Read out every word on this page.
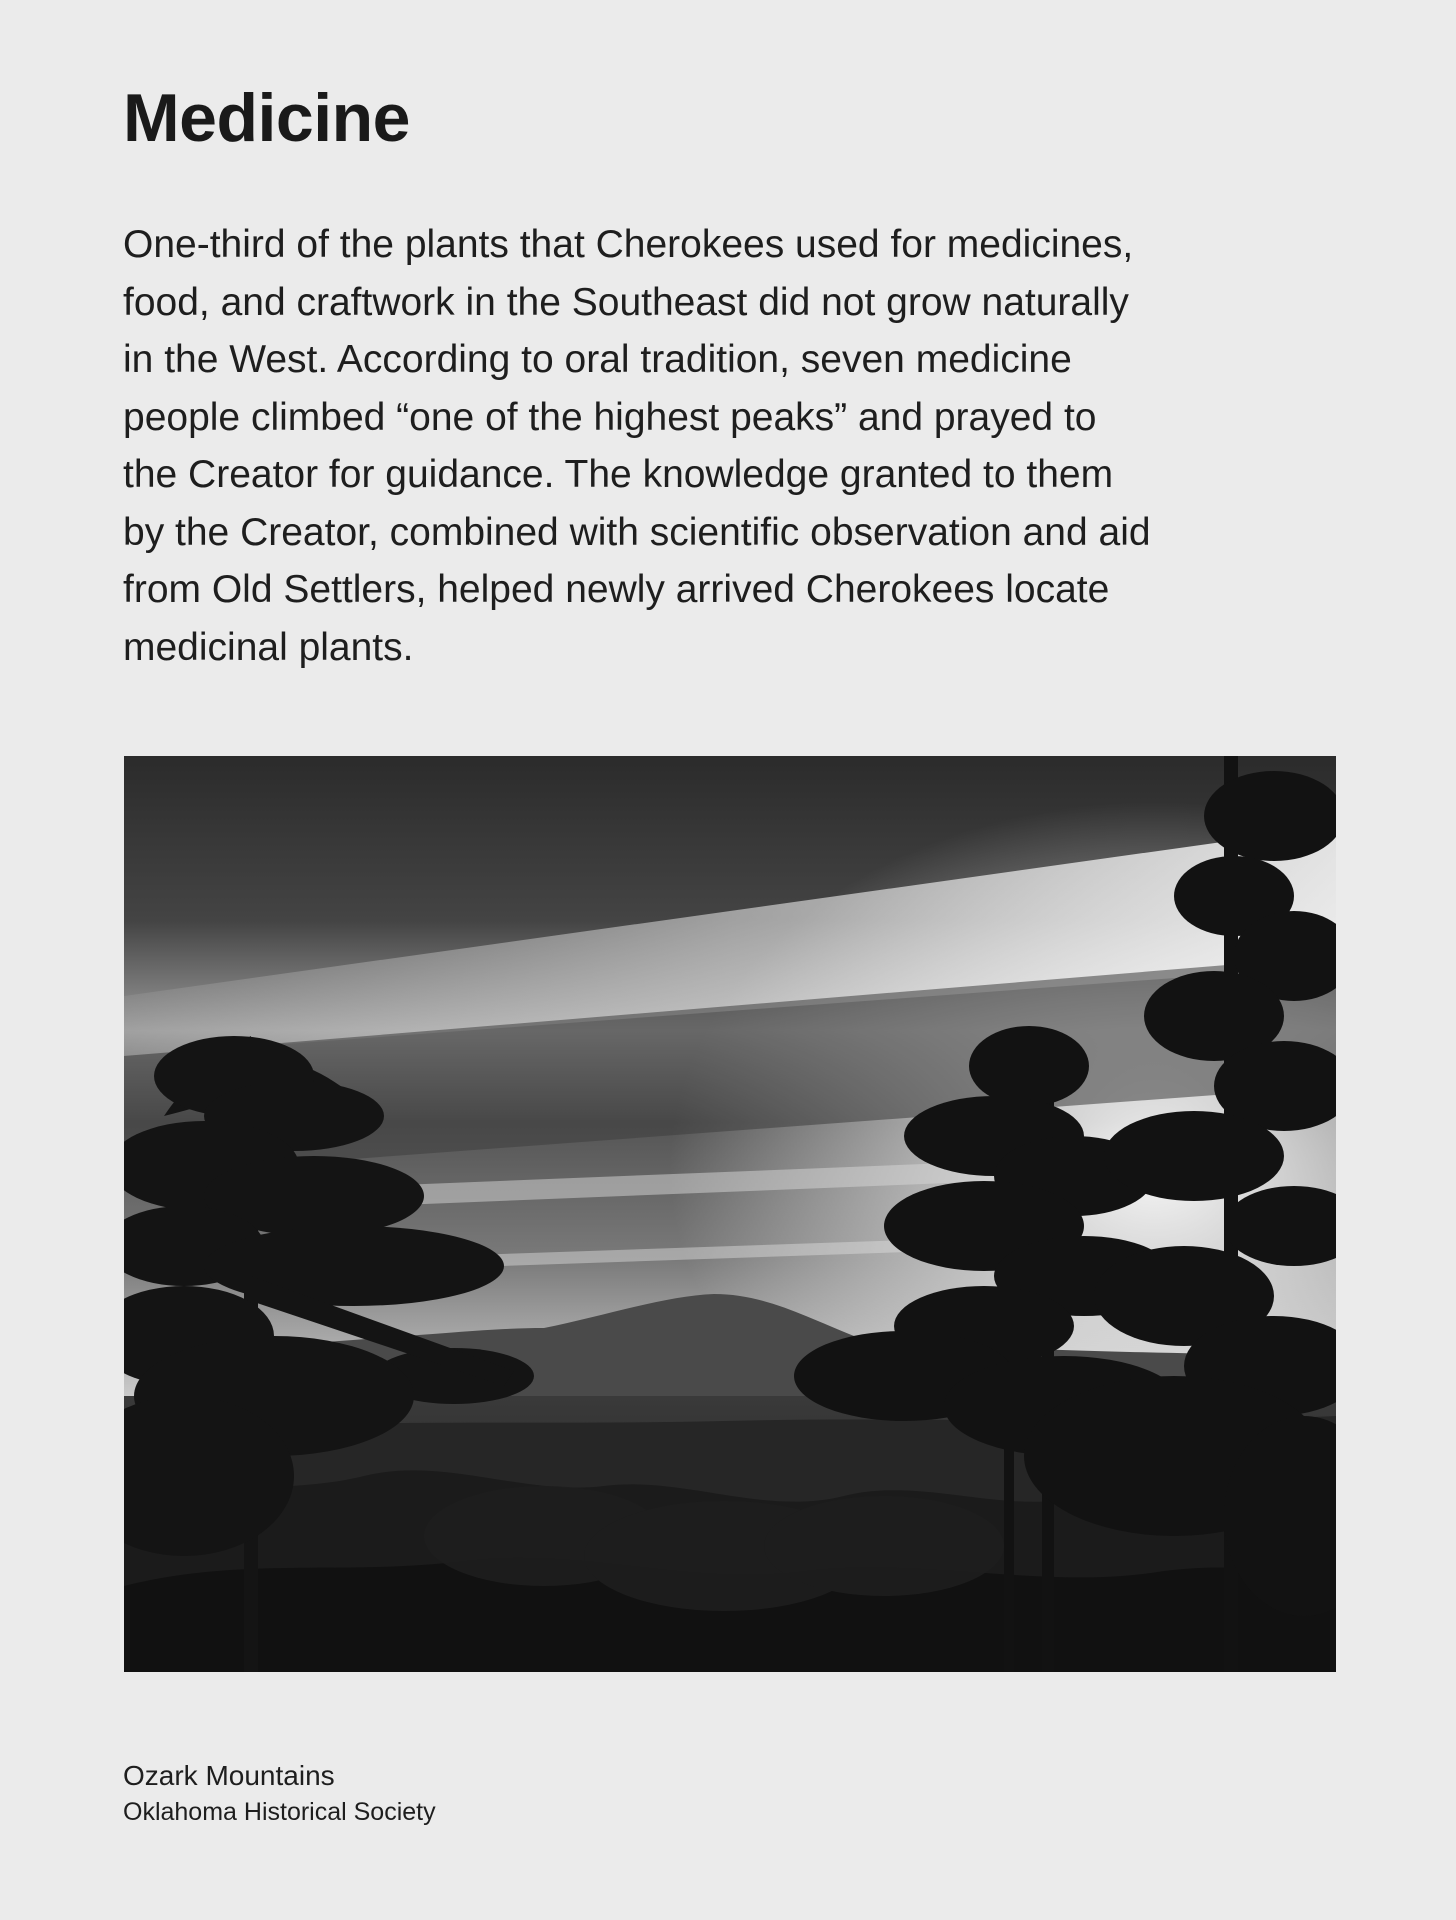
Medicine

One-third of the plants that Cherokees used for medicines,
food, and craftwork in the Southeast did not grow naturally
in the West. According to oral tradition, seven medicine
people climbed “one of the highest peaks” and prayed to
the Creator for guidance. The knowledge granted to them
by the Creator, combined with scientific observation and aid
from Old Settlers, helped newly arrived Cherokees locate
medicinal plants.

Ozark Mountains

Oklahoma Historical Society
